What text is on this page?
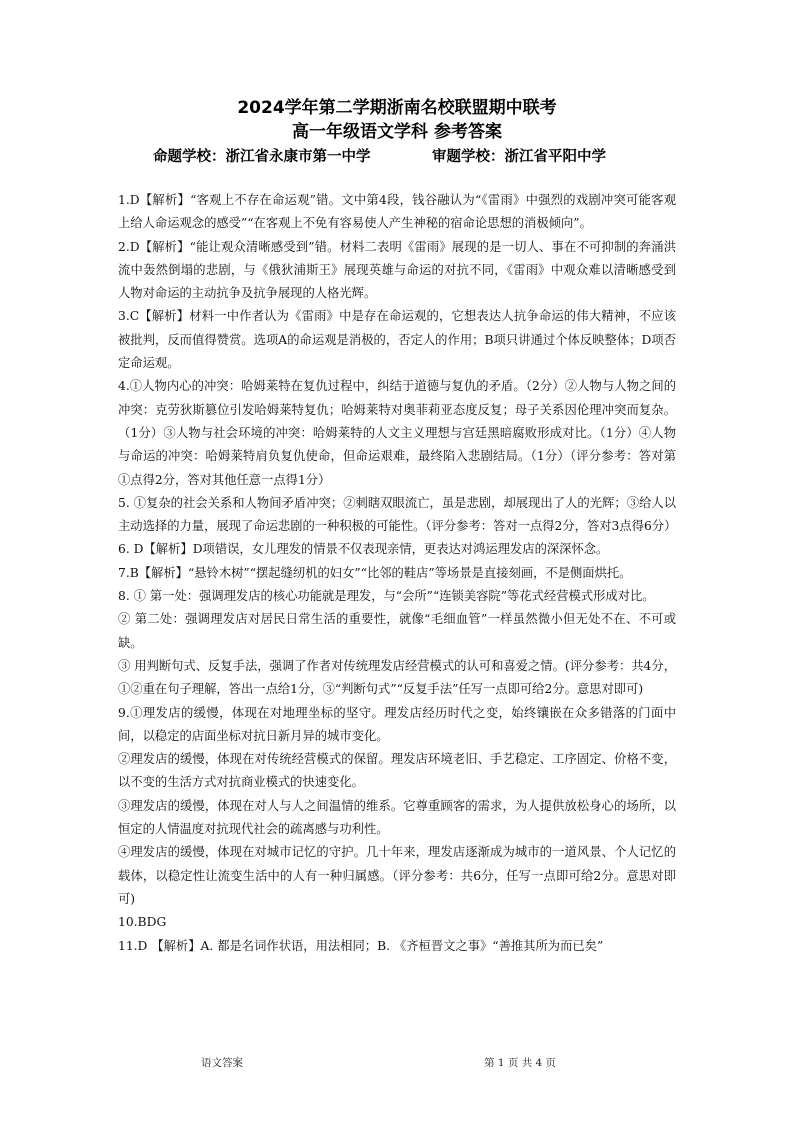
2024学年第二学期浙南名校联盟期中联考

高一年级语文学科 参考答案

命题学校：浙江省永康市第一中学	审题学校：浙江省平阳中学

1.D【解析】“客观上不存在命运观”错。文中第4段，钱谷融认为“《雷雨》中强烈的戏剧冲突可能客观上给人命运观念的感受”“在客观上不免有容易使人产生神秘的宿命论思想的消极倾向”。

2.D【解析】“能让观众清晰感受到”错。材料二表明《雷雨》展现的是一切人、事在不可抑制的奔涌洪流中轰然倒塌的悲剧，与《俄狄浦斯王》展现英雄与命运的对抗不同，《雷雨》中观众难以清晰感受到人物对命运的主动抗争及抗争展现的人格光辉。

3.C【解析】材料一中作者认为《雷雨》中是存在命运观的，它想表达人抗争命运的伟大精神，不应该被批判，反而值得赞赏。选项A的命运观是消极的，否定人的作用；B项只讲通过个体反映整体；D项否定命运观。

4.①人物内心的冲突：哈姆莱特在复仇过程中，纠结于道德与复仇的矛盾。（2分）②人物与人物之间的冲突：克劳狄斯篡位引发哈姆莱特复仇；哈姆莱特对奥菲莉亚态度反复；母子关系因伦理冲突而复杂。（1分）③人物与社会环境的冲突：哈姆莱特的人文主义理想与宫廷黑暗腐败形成对比。（1分）④人物与命运的冲突：哈姆莱特肩负复仇使命，但命运艰难，最终陷入悲剧结局。（1分）（评分参考：答对第①点得2分，答对其他任意一点得1分）

5. ①复杂的社会关系和人物间矛盾冲突；②刺瞎双眼流亡，虽是悲剧，却展现出了人的光辉；③给人以主动选择的力量，展现了命运悲剧的一种积极的可能性。（评分参考：答对一点得2分，答对3点得6分）

6. D【解析】D项错误，女儿理发的情景不仅表现亲情，更表达对鸿运理发店的深深怀念。

7.B【解析】“悬铃木树”“摆起缝纫机的妇女”“比邻的鞋店”等场景是直接刻画，不是侧面烘托。

8. ① 第一处：强调理发店的核心功能就是理发，与“会所”“连锁美容院”等花式经营模式形成对比。

② 第二处：强调理发店对居民日常生活的重要性，就像“毛细血管”一样虽然微小但无处不在、不可或缺。

③ 用判断句式、反复手法，强调了作者对传统理发店经营模式的认可和喜爱之情。(评分参考：共4分，①②重在句子理解，答出一点给1分，③“判断句式”“反复手法”任写一点即可给2分。意思对即可)

9.①理发店的缓慢，体现在对地理坐标的坚守。理发店经历时代之变，始终镶嵌在众多错落的门面中间，以稳定的店面坐标对抗日新月异的城市变化。

②理发店的缓慢，体现在对传统经营模式的保留。理发店环境老旧、手艺稳定、工序固定、价格不变，以不变的生活方式对抗商业模式的快速变化。

③理发店的缓慢，体现在对人与人之间温情的维系。它尊重顾客的需求，为人提供放松身心的场所，以恒定的人情温度对抗现代社会的疏离感与功利性。

④理发店的缓慢，体现在对城市记忆的守护。几十年来，理发店逐渐成为城市的一道风景、个人记忆的载体，以稳定性让流变生活中的人有一种归属感。（评分参考：共6分，任写一点即可给2分。意思对即可)

10.BDG

11.D 【解析】A. 都是名词作状语，用法相同；B. 《齐桓晋文之事》“善推其所为而已矣”

语文答案	第 1 页 共 4 页
